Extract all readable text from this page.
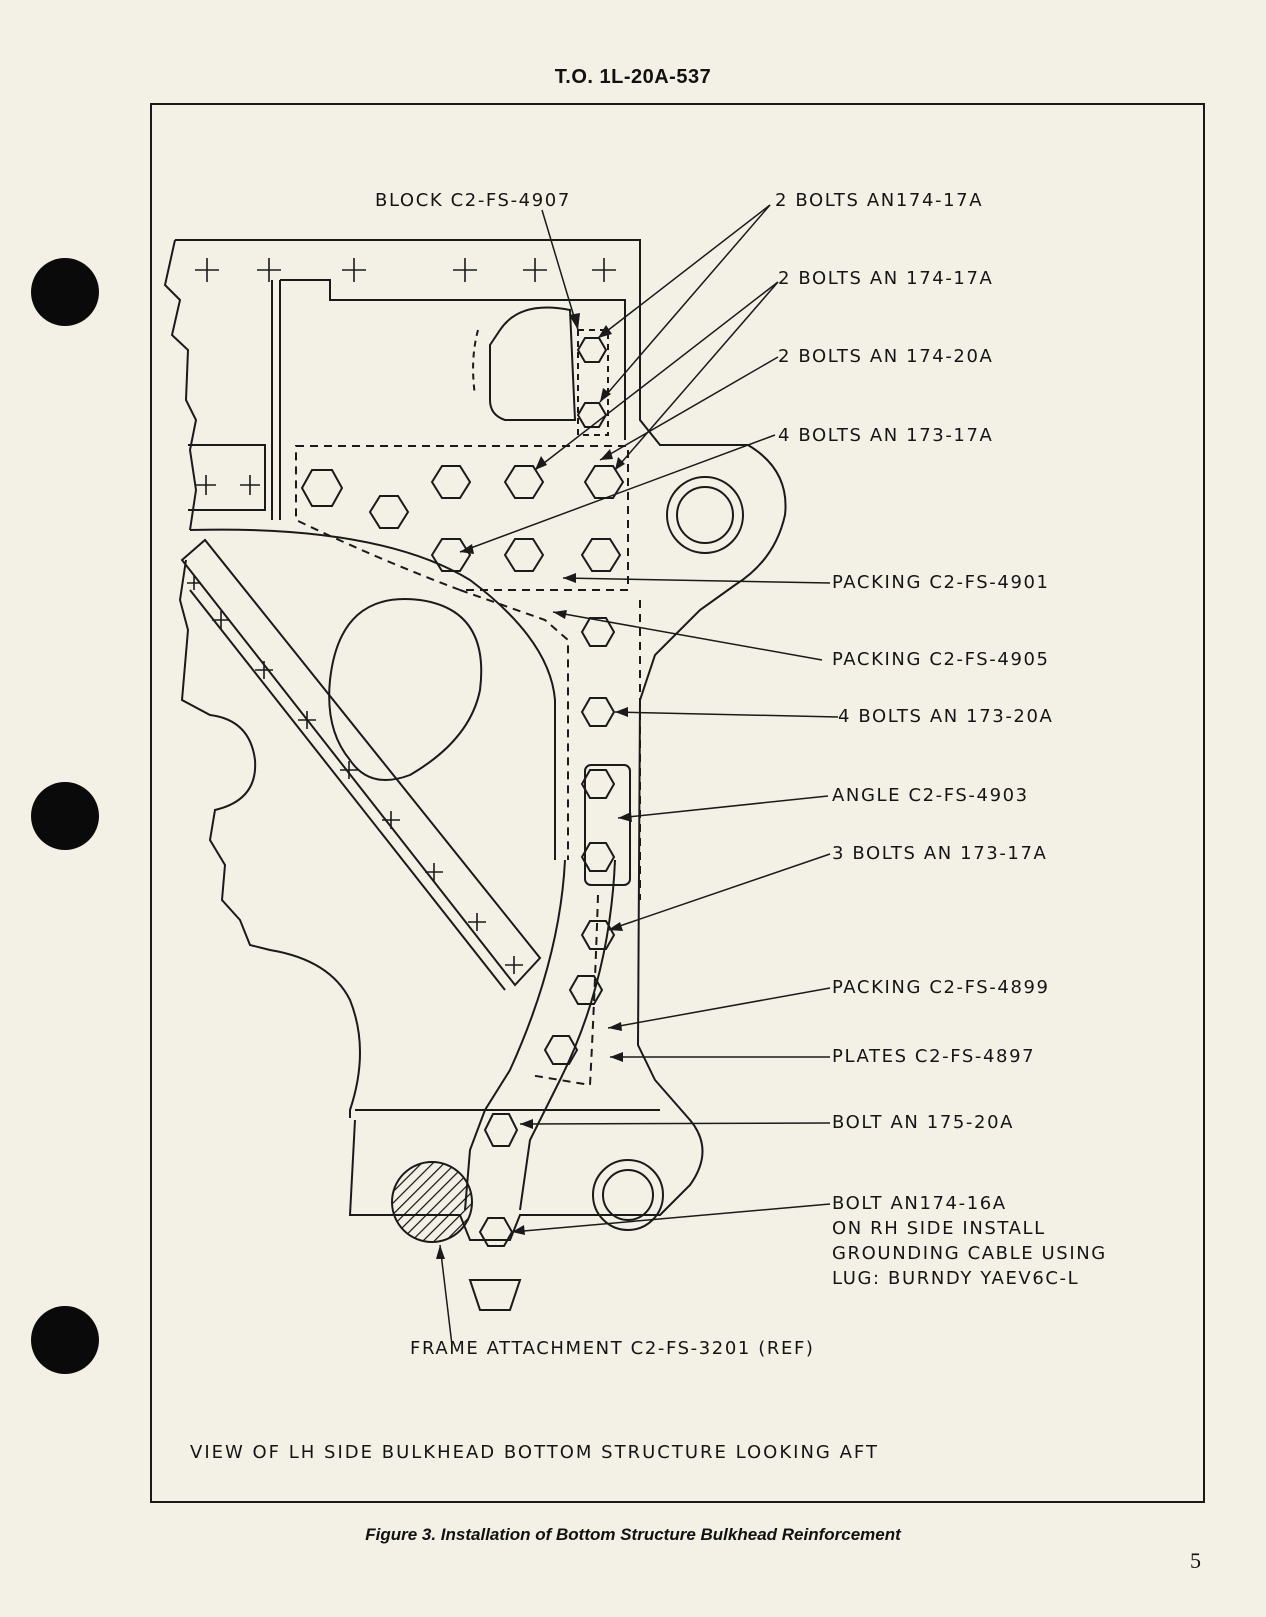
T.O. 1L-20A-537
BLOCK C2-FS-4907	2 BOLTS AN174-17A
2 BOLTS AN 174-17A
2 BOLTS AN 174-20A
4 BOLTS AN 173-17A
PACKING C2-FS-4901
PACKING C2-FS-4905
4 BOLTS AN 173-20A
ANGLE C2-FS-4903
3 BOLTS AN 173-17A
PACKING C2-FS-4899
PLATES C2-FS-4897
BOLT AN 175-20A
BOLT AN174-16A
ON RH SIDE INSTALL
GROUNDING CABLE USING
LUG: BURNDY YAEV6C-L
FRAME ATTACHMENT C2-FS-3201 (REF)
VIEW OF LH SIDE BULKHEAD BOTTOM STRUCTURE LOOKING AFT
Figure 3. Installation of Bottom Structure Bulkhead Reinforcement
5
